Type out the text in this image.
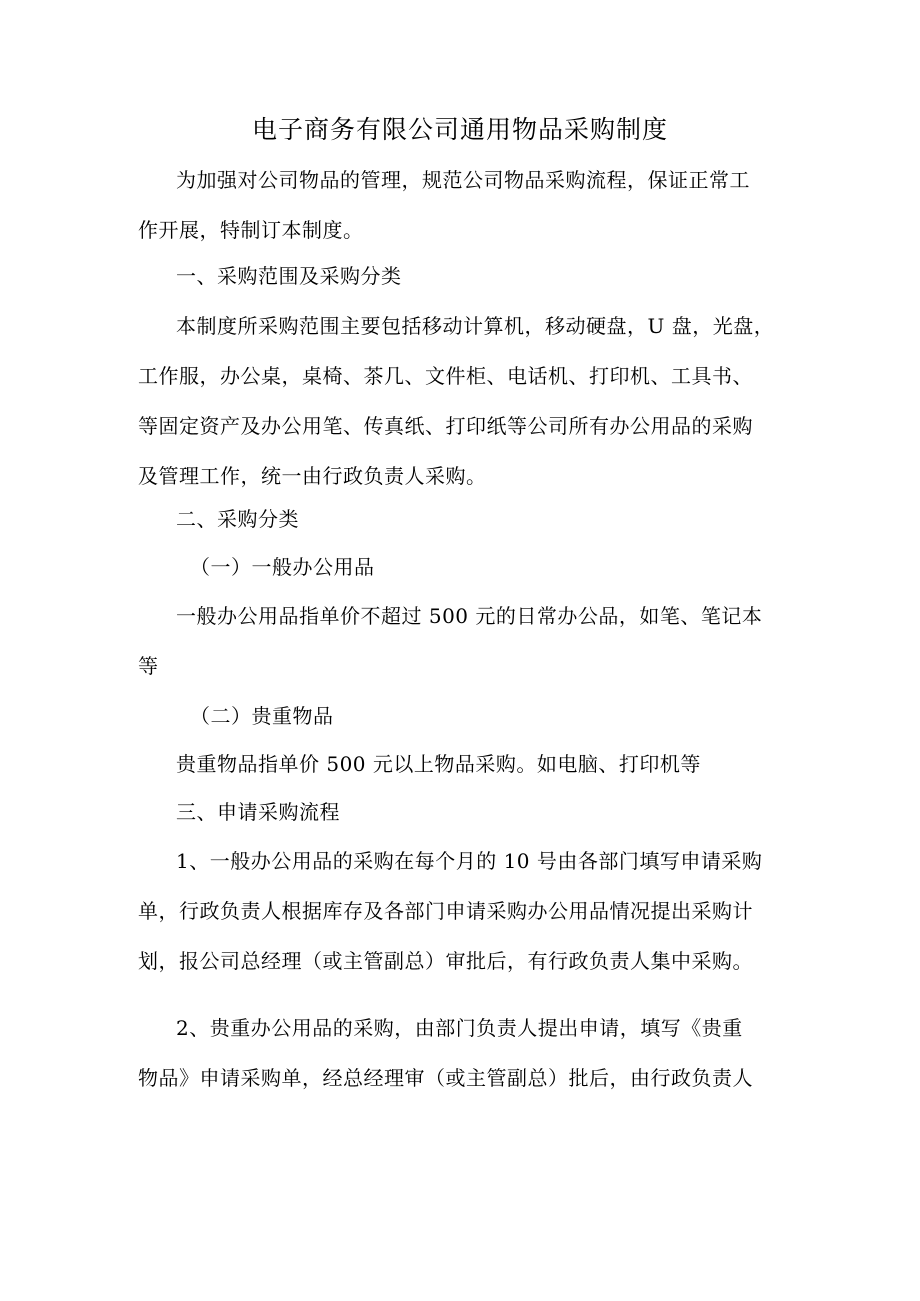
电子商务有限公司通用物品采购制度
为加强对公司物品的管理，规范公司物品采购流程，保证正常工
作开展，特制订本制度。
一、采购范围及采购分类
本制度所采购范围主要包括移动计算机，移动硬盘，U 盘，光盘，
工作服，办公桌，桌椅、茶几、文件柜、电话机、打印机、工具书、
等固定资产及办公用笔、传真纸、打印纸等公司所有办公用品的采购
及管理工作，统一由行政负责人采购。
二、采购分类
（一）一般办公用品
一般办公用品指单价不超过 500 元的日常办公品，如笔、笔记本
等
（二）贵重物品
贵重物品指单价 500 元以上物品采购。如电脑、打印机等
三、申请采购流程
1、一般办公用品的采购在每个月的 10 号由各部门填写申请采购
单，行政负责人根据库存及各部门申请采购办公用品情况提出采购计
划，报公司总经理（或主管副总）审批后，有行政负责人集中采购。
2、贵重办公用品的采购，由部门负责人提出申请，填写《贵重
物品》申请采购单，经总经理审（或主管副总）批后，由行政负责人
